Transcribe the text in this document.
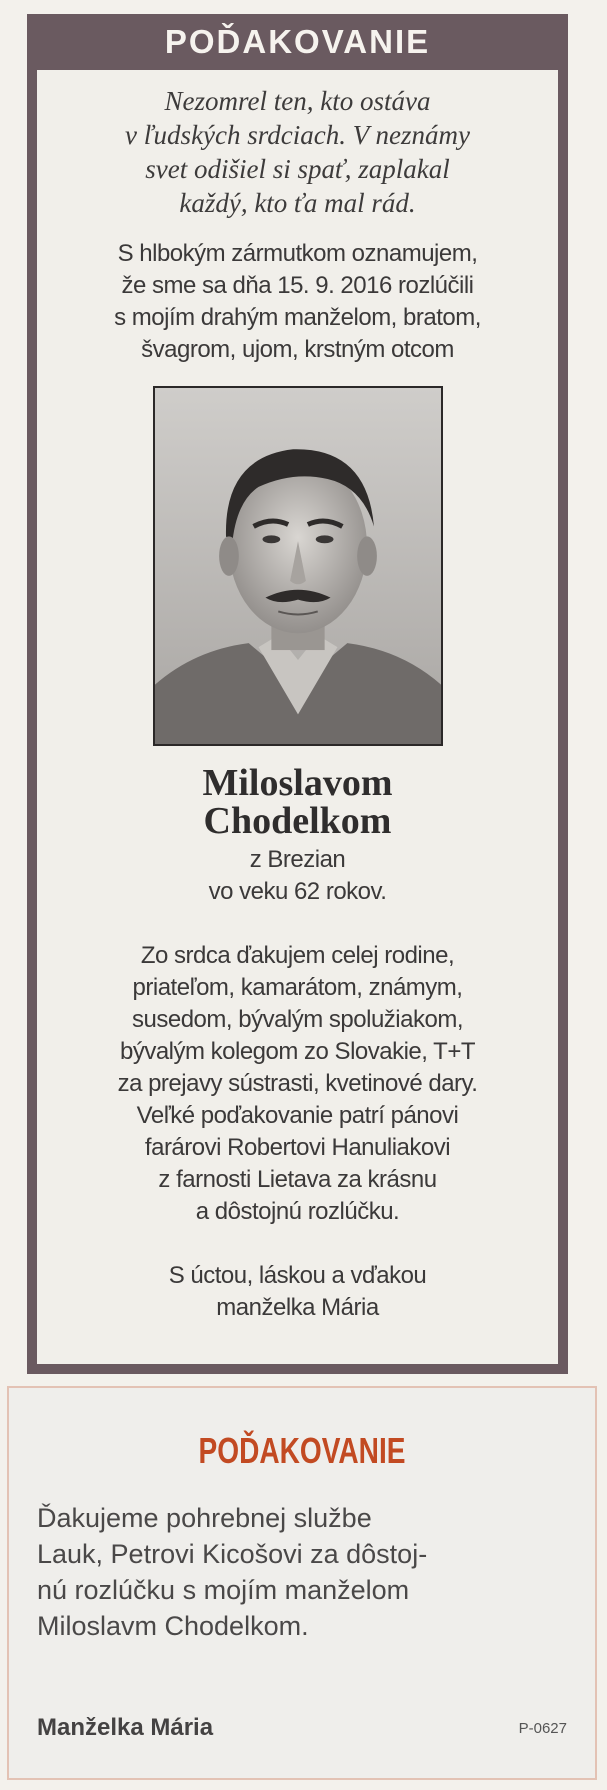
POĎAKOVANIE
Nezomrel ten, kto ostáva
v ľudských srdciach. V neznámy
svet odišiel si spať, zaplakal
každý, kto ťa mal rád.
S hlbokým zármutkom oznamujem,
že sme sa dňa 15. 9. 2016 rozlúčili
s mojím drahým manželom, bratom,
švagrom, ujom, krstným otcom
Miloslavom
Chodelkom
z Brezian
vo veku 62 rokov.
Zo srdca ďakujem celej rodine,
priateľom, kamarátom, známym,
susedom, bývalým spolužiakom,
bývalým kolegom zo Slovakie, T+T
za prejavy sústrasti, kvetinové dary.
Veľké poďakovanie patrí pánovi
farárovi Robertovi Hanuliakovi
z farnosti Lietava za krásnu
a dôstojnú rozlúčku.
S úctou, láskou a vďakou
manželka Mária
POĎAKOVANIE
Ďakujeme pohrebnej službe
Lauk, Petrovi Kicošovi za dôstoj-
nú rozlúčku s mojím manželom
Miloslavm Chodelkom.
Manželka Mária	P-0627
